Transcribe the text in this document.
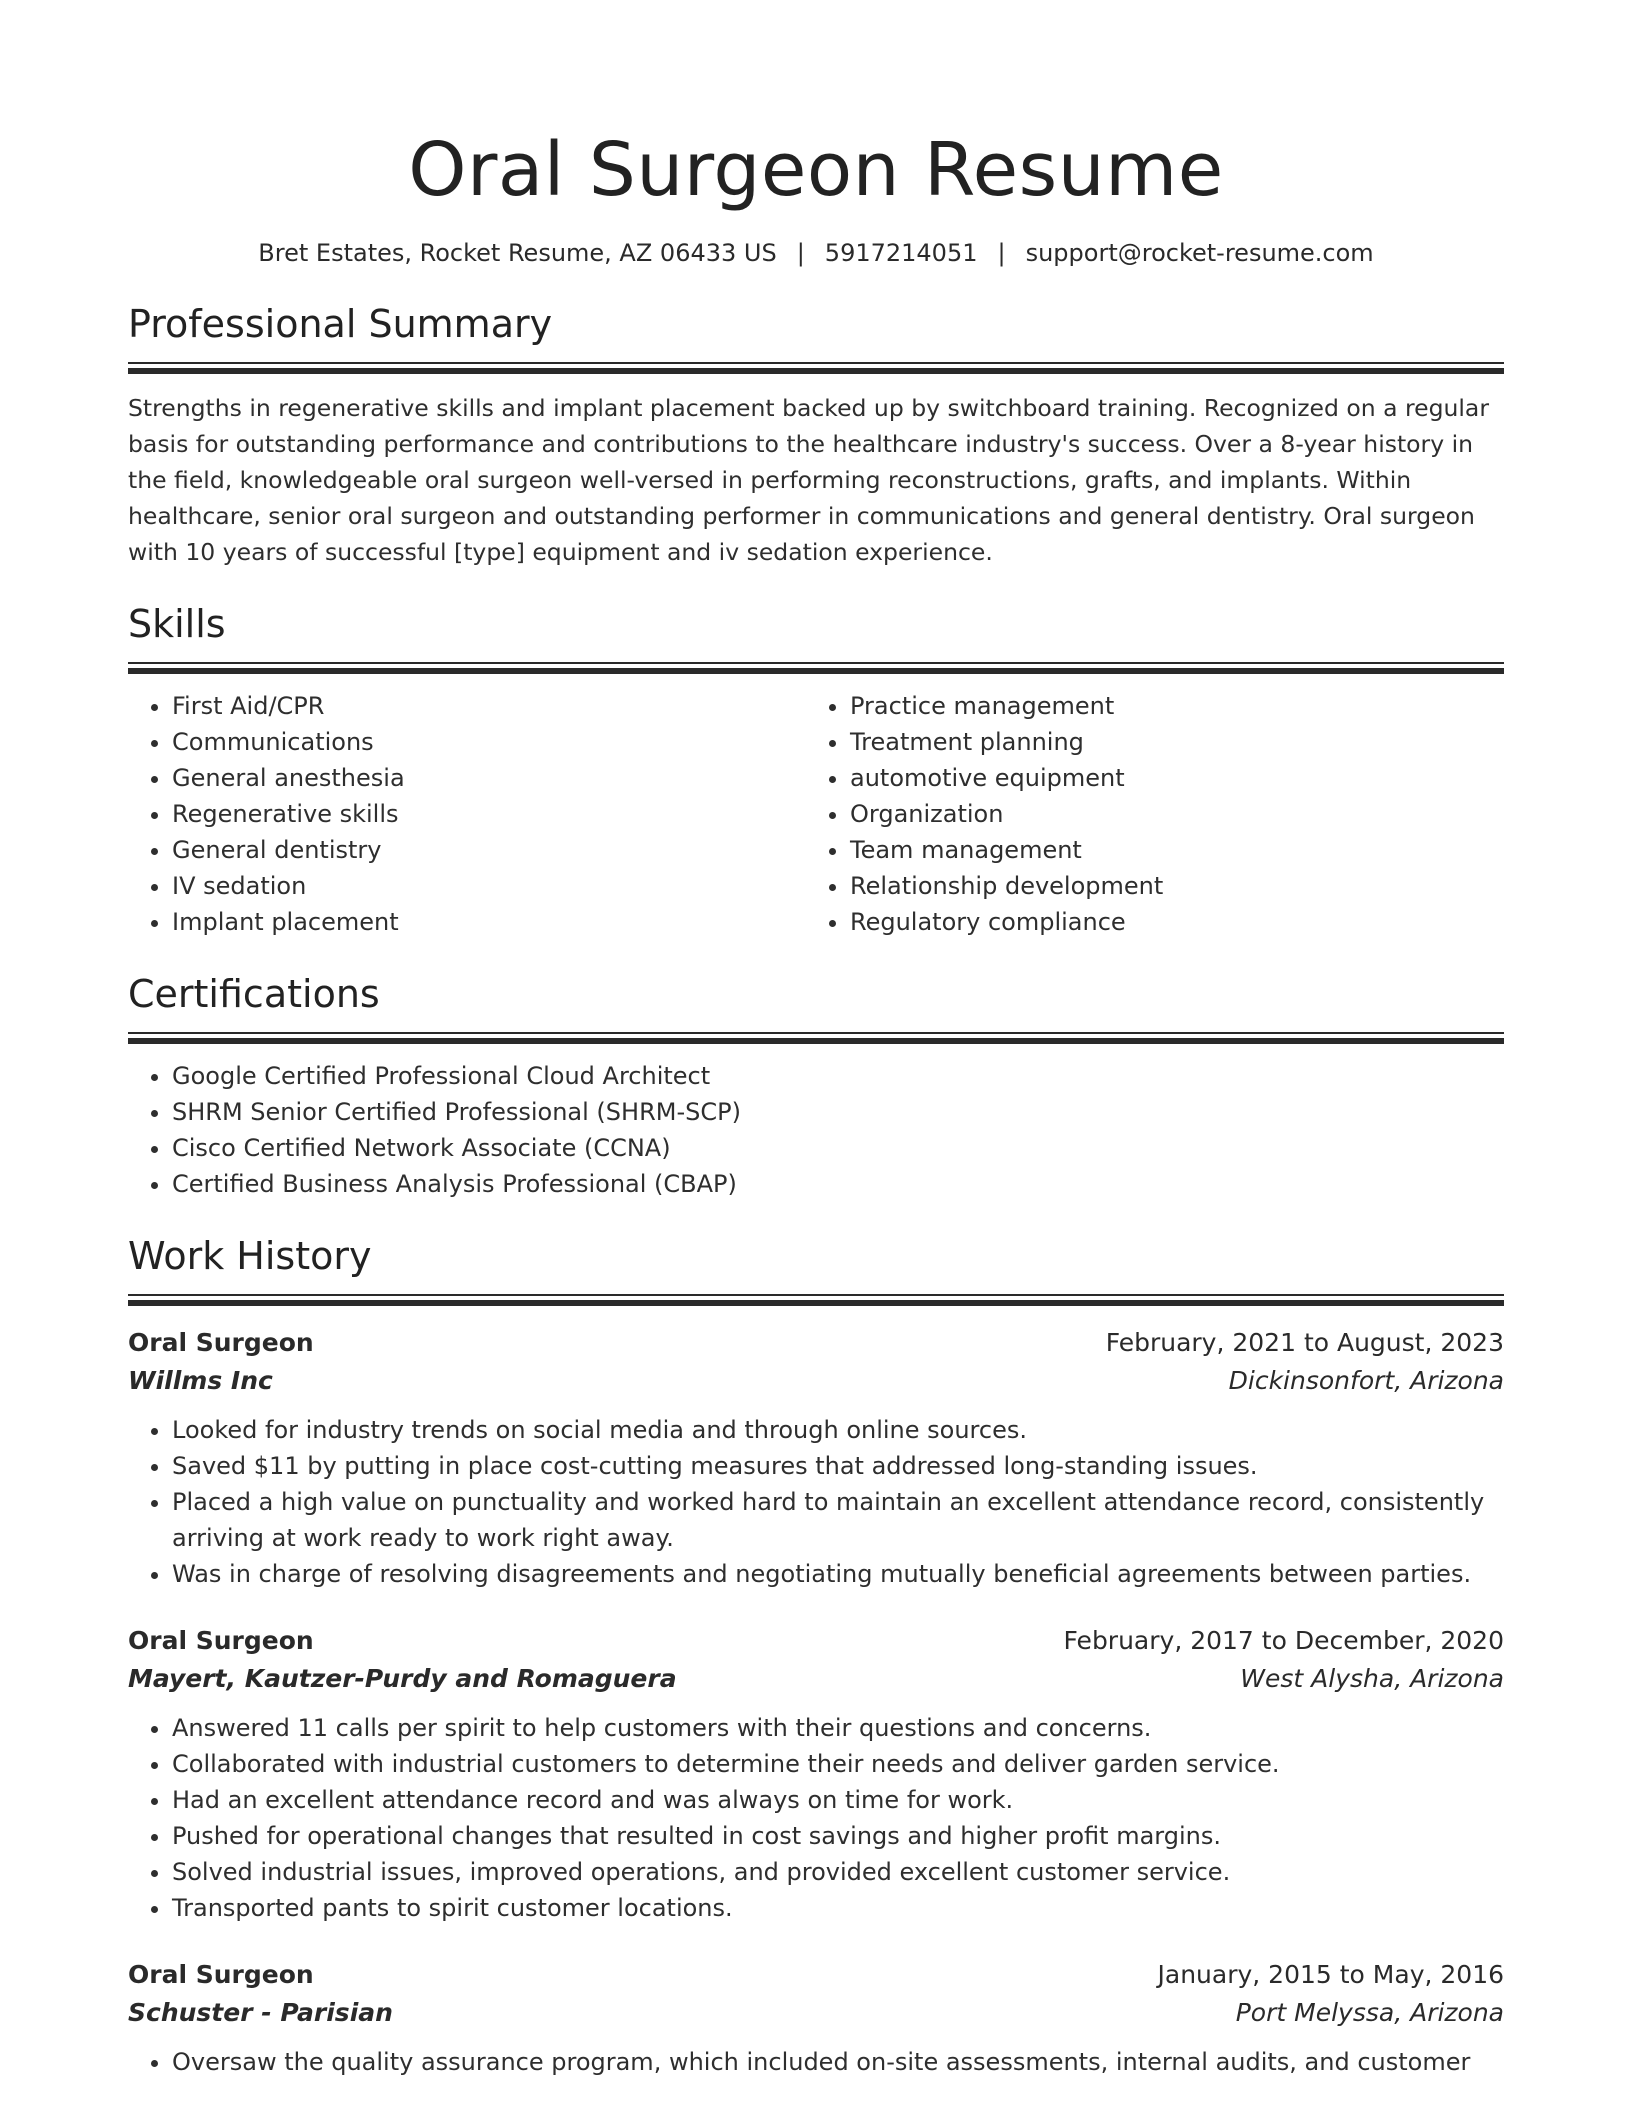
Oral Surgeon Resume
Bret Estates, Rocket Resume, AZ 06433 US | 5917214051 | support@rocket-resume.com
Professional Summary

Strengths in regenerative skills and implant placement backed up by switchboard training. Recognized on a regular basis for outstanding performance and contributions to the healthcare industry's success. Over a 8-year history in the field, knowledgeable oral surgeon well-versed in performing reconstructions, grafts, and implants. Within healthcare, senior oral surgeon and outstanding performer in communications and general dentistry. Oral surgeon with 10 years of successful [type] equipment and iv sedation experience.

Skills
• First Aid/CPR
• Communications
• General anesthesia
• Regenerative skills
• General dentistry
• IV sedation
• Implant placement
• Practice management
• Treatment planning
• automotive equipment
• Organization
• Team management
• Relationship development
• Regulatory compliance
Certifications
• Google Certified Professional Cloud Architect
• SHRM Senior Certified Professional (SHRM-SCP)
• Cisco Certified Network Associate (CCNA)
• Certified Business Analysis Professional (CBAP)
Work History
Oral Surgeon	February, 2021 to August, 2023
Willms Inc	Dickinsonfort, Arizona
• Looked for industry trends on social media and through online sources.
• Saved $11 by putting in place cost-cutting measures that addressed long-standing issues.
• Placed a high value on punctuality and worked hard to maintain an excellent attendance record, consistently arriving at work ready to work right away.
• Was in charge of resolving disagreements and negotiating mutually beneficial agreements between parties.
Oral Surgeon	February, 2017 to December, 2020
Mayert, Kautzer-Purdy and Romaguera	West Alysha, Arizona
• Answered 11 calls per spirit to help customers with their questions and concerns.
• Collaborated with industrial customers to determine their needs and deliver garden service.
• Had an excellent attendance record and was always on time for work.
• Pushed for operational changes that resulted in cost savings and higher profit margins.
• Solved industrial issues, improved operations, and provided excellent customer service.
• Transported pants to spirit customer locations.
Oral Surgeon	January, 2015 to May, 2016
Schuster - Parisian	Port Melyssa, Arizona
• Oversaw the quality assurance program, which included on-site assessments, internal audits, and customer
